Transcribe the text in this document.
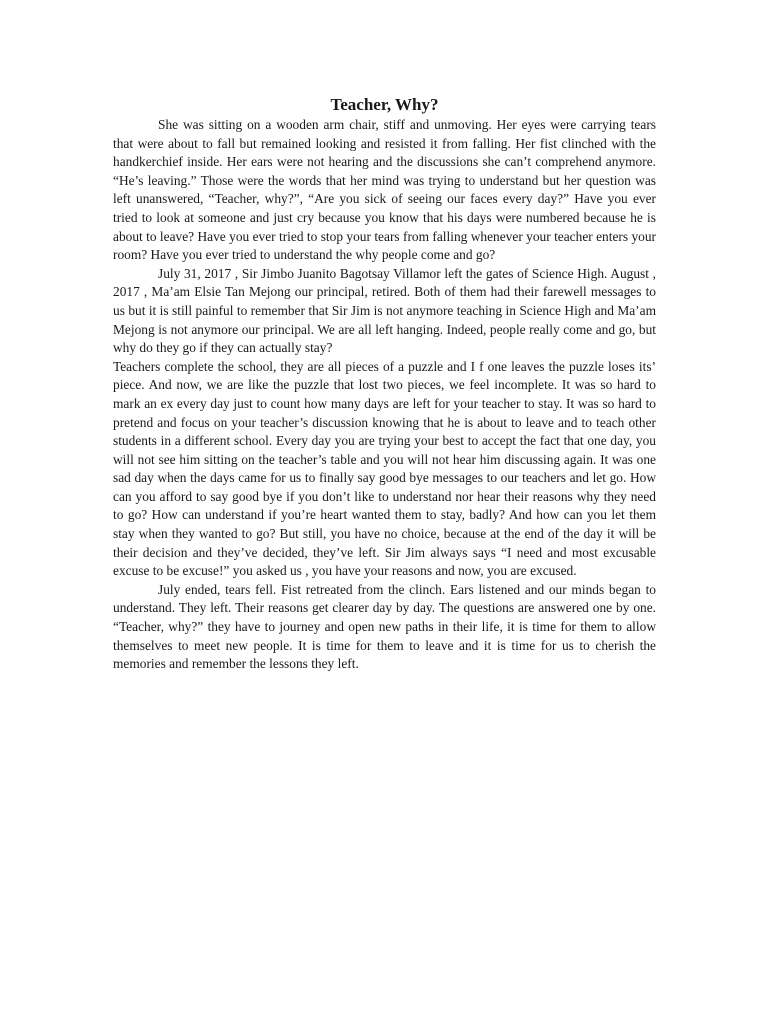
Teacher, Why?

She was sitting on a wooden arm chair, stiff and unmoving. Her eyes were carrying tears that were about to fall but remained looking and resisted it from falling. Her fist clinched with the handkerchief inside. Her ears were not hearing and the discussions she can’t comprehend anymore. “He’s leaving.” Those were the words that her mind was trying to understand but her question was left unanswered, “Teacher, why?”, “Are you sick of seeing our faces every day?” Have you ever tried to look at someone and just cry because you know that his days were numbered because he is about to leave? Have you ever tried to stop your tears from falling whenever your teacher enters your room? Have you ever tried to understand the why people come and go?

July 31, 2017 , Sir Jimbo Juanito Bagotsay Villamor left the gates of Science High. August , 2017 , Ma’am Elsie Tan Mejong our principal, retired. Both of them had their farewell messages to us but it is still painful to remember that Sir Jim is not anymore teaching in Science High and Ma’am Mejong is not anymore our principal. We are all left hanging. Indeed, people really come and go, but why do they go if they can actually stay?

Teachers complete the school, they are all pieces of a puzzle and I f one leaves the puzzle loses its’ piece. And now, we are like the puzzle that lost two pieces, we feel incomplete. It was so hard to mark an ex every day just to count how many days are left for your teacher to stay. It was so hard to pretend and focus on your teacher’s discussion knowing that he is about to leave and to teach other students in a different school. Every day you are trying your best to accept the fact that one day, you will not see him sitting on the teacher’s table and you will not hear him discussing again. It was one sad day when the days came for us to finally say good bye messages to our teachers and let go. How can you afford to say good bye if you don’t like to understand nor hear their reasons why they need to go? How can understand if you’re heart wanted them to stay, badly? And how can you let them stay when they wanted to go? But still, you have no choice, because at the end of the day it will be their decision and they’ve decided, they’ve left. Sir Jim always says “I need and most excusable excuse to be excuse!” you asked us , you have your reasons and now, you are excused.

July ended, tears fell. Fist retreated from the clinch. Ears listened and our minds began to understand. They left. Their reasons get clearer day by day. The questions are answered one by one. “Teacher, why?” they have to journey and open new paths in their life, it is time for them to allow themselves to meet new people. It is time for them to leave and it is time for us to cherish the memories and remember the lessons they left.
